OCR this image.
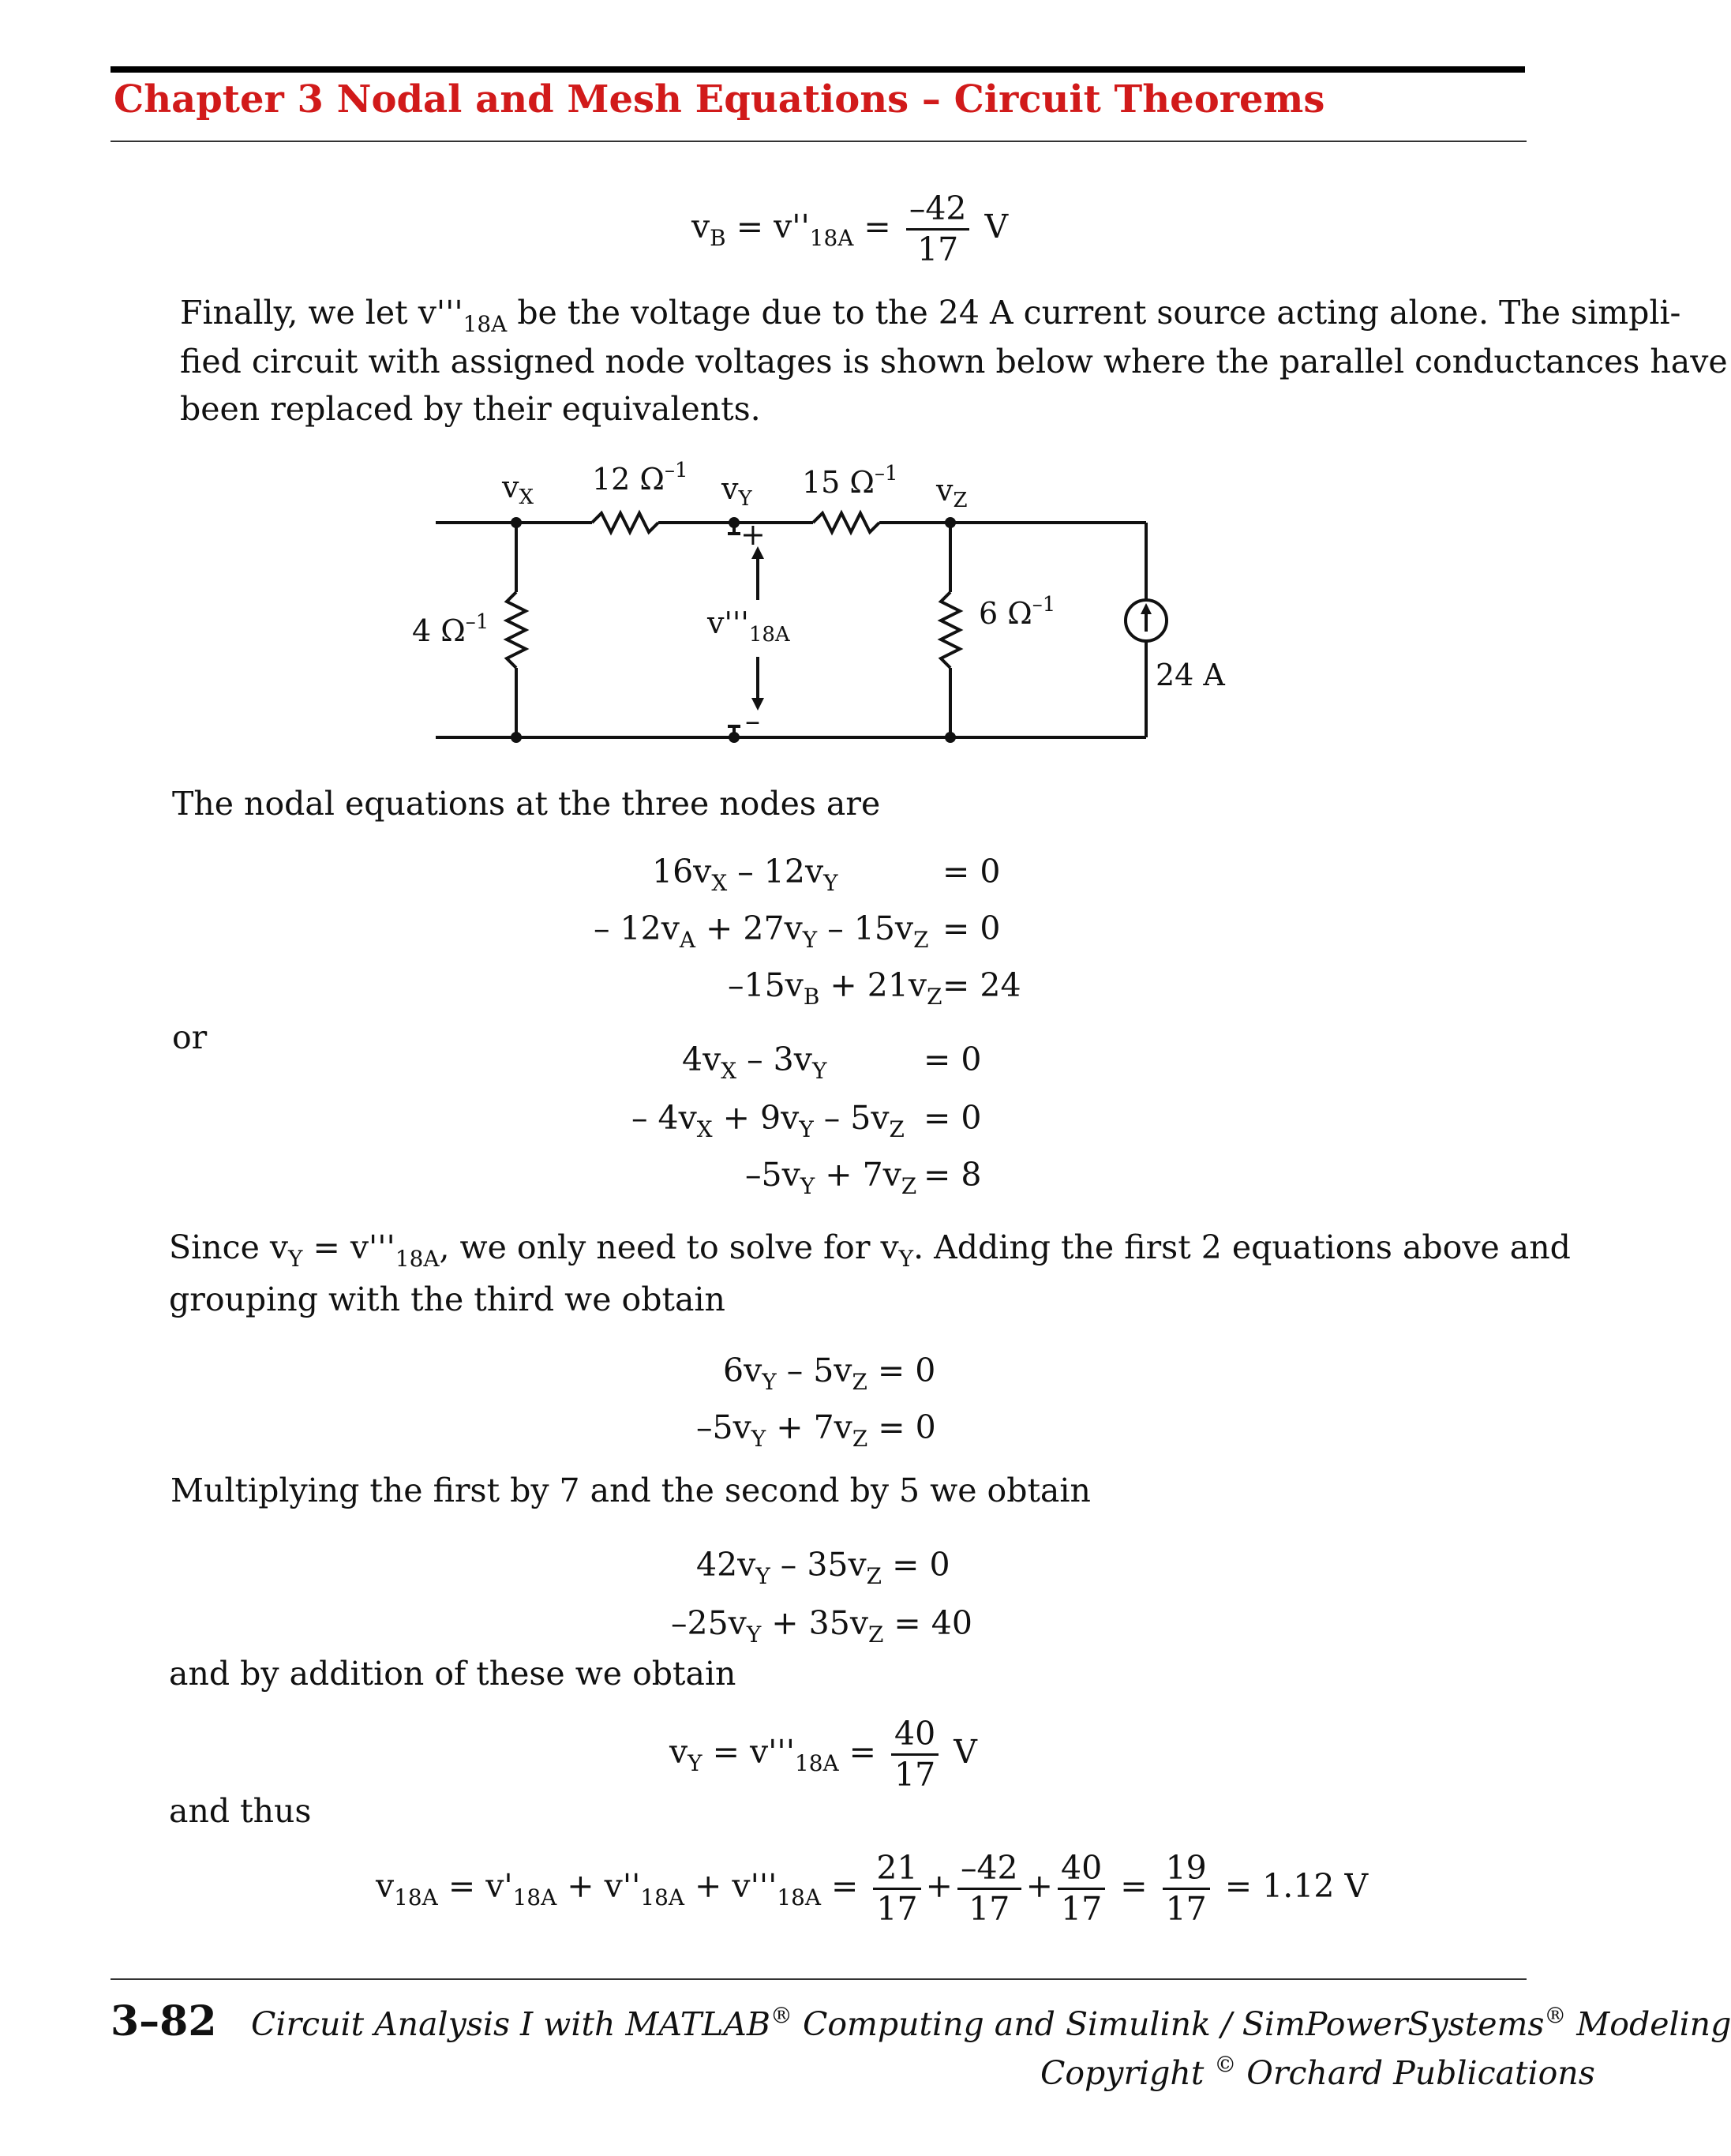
Chapter 3 Nodal and Mesh Equations – Circuit Theorems
$v_B = v''_{18A} = \frac{-42}{17}$ V
Finally, we let $v'''_{18A}$ be the voltage due to the 24 A current source acting alone. The simpli-
fied circuit with assigned node voltages is shown below where the parallel conductances have
been replaced by their equivalents.
$v_X$
12 $\Omega^{-1}$
$v_Y$ 15 $\Omega^{-1}$ $v_Z$
4 $\Omega^{-1}$	6 $\Omega^{-1}$
$v'''_{18A}$
+
–
24 A
The nodal equations at the three nodes are
$16v_X - 12v_Y$	= 0
– $12v_A + 27v_Y - 15v_Z = 0$
$-15v_B + 21v_Z = 24$
or
$4v_X - 3v_Y$	= 0
– $4v_X + 9v_Y - 5v_Z = 0$
$-5v_Y + 7v_Z = 8$
Since $v_Y = v'''_{18A}$, we only need to solve for $v_Y$. Adding the first 2 equations above and
grouping with the third we obtain
$6v_Y - 5v_Z = 0$
$-5v_Y + 7v_Z = 0$
Multiplying the first by 7 and the second by 5 we obtain
$42v_Y - 35v_Z = 0$
$-25v_Y + 35v_Z = 40$
and by addition of these we obtain
$v_Y = v'''_{18A} = \frac{40}{17}$ V
and thus
$v_{18A} = v'_{18A} + v''_{18A} + v'''_{18A} = \frac{21}{17} + \frac{-42}{17} + \frac{40}{17} = \frac{19}{17} = 1.12$ V
3–82 Circuit Analysis I with MATLAB® Computing and Simulink / SimPowerSystems® Modeling
Copyright © Orchard Publications
